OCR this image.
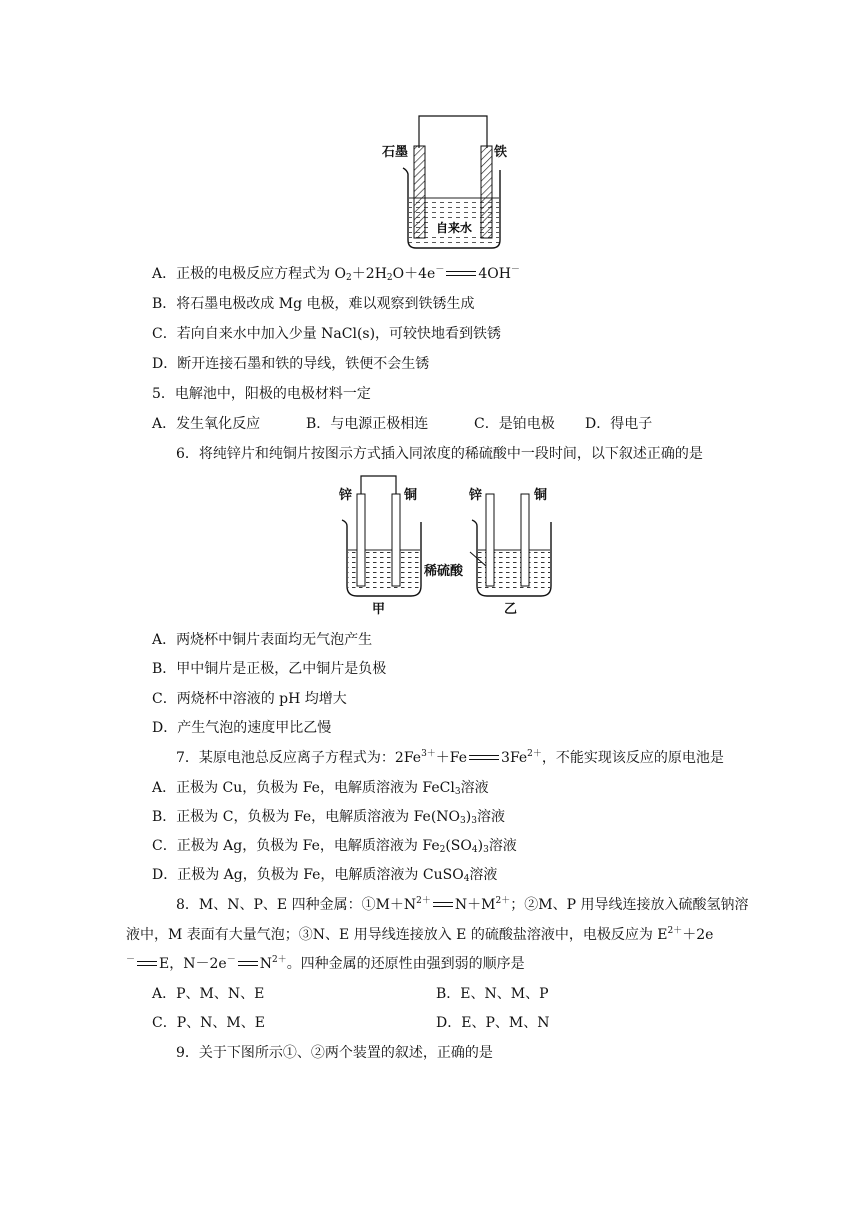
自来水
石墨	铁
A．正极的电极反应方程式为 $O_2+2H_2O+4e^-$ 4OH－
B．将石墨电极改成 Mg 电极，难以观察到铁锈生成
C．若向自来水中加入少量 NaCl(s)，可较快地看到铁锈
D．断开连接石墨和铁的导线，铁便不会生锈
5．电解池中，阳极的电极材料一定
A．发生氧化反应	B．与电源正极相连	C．是铂电极 D．得电子
6．将纯锌片和纯铜片按图示方式插入同浓度的稀硫酸中一段时间，以下叙述正确的是
锌	铜	锌	铜
稀硫酸
甲	乙
A．两烧杯中铜片表面均无气泡产生
B．甲中铜片是正极，乙中铜片是负极
C．两烧杯中溶液的 pH 均增大
D．产生气泡的速度甲比乙慢
7．某原电池总反应离子方程式为：$2Fe^{3+}+Fe$ $3Fe^{2+}$，不能实现该反应的原电池是
A．正极为 Cu，负极为 Fe，电解质溶液为 FeCl$_3$溶液
B．正极为 C，负极为 Fe，电解质溶液为 $Fe(NO_3)_3$溶液
C．正极为 Ag，负极为 Fe，电解质溶液为 $Fe_2(SO_4)_3$溶液
D．正极为 Ag，负极为 Fe，电解质溶液为 CuSO$_4$溶液
8．M、N、P、E 四种金属：$①M+N^{2+}$ $N+M^{2+}$；②M、P 用导线连接放入硫酸氢钠溶
液中，M 表面有大量气泡；③N、E 用导线连接放入 E 的硫酸盐溶液中，电极反应为 $E^{2+}+2e$
－ E，N－2e－ $N^{2+}$。四种金属的还原性由强到弱的顺序是
A．P、M、N、E	B．E、N、M、P
C．P、N、M、E	D．E、P、M、N
9．关于下图所示①、②两个装置的叙述，正确的是
